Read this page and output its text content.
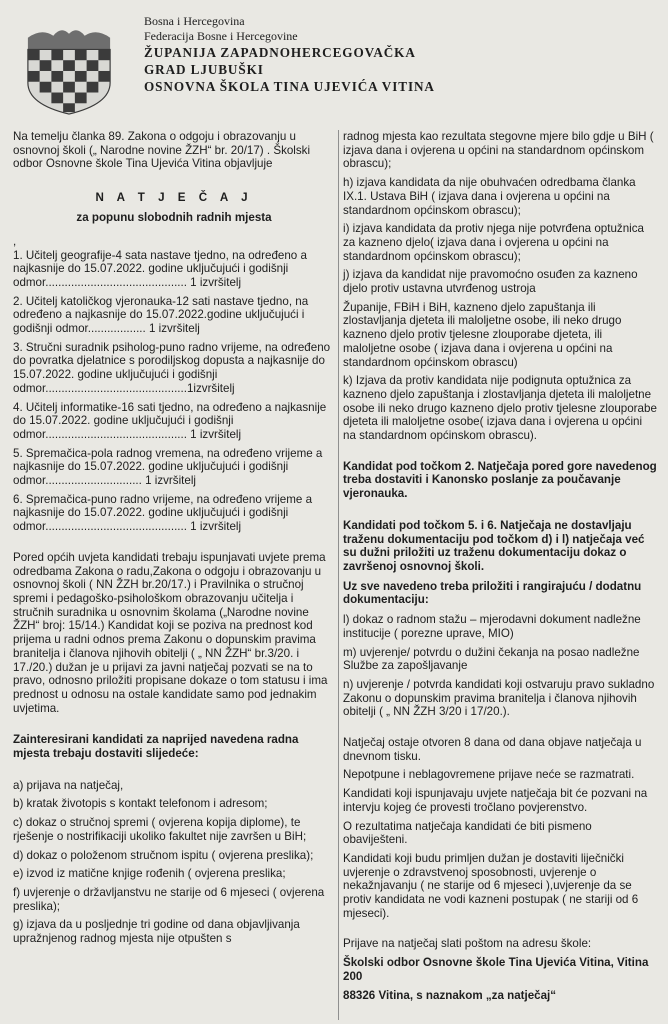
Bosna i Hercegovina
Federacija Bosne i Hercegovine
ŽUPANIJA ZAPADNOHERCEGOVAČKA
GRAD LJUBUŠKI
OSNOVNA ŠKOLA TINA UJEVIĆA VITINA

Na temelju članka 89. Zakona o odgoju i obrazovanju u osnovnoj školi („ Narodne novine ŽZH“ br. 20/17) . Školski odbor Osnovne škole Tina Ujevića Vitina objavljuje

N A T J E Č A J
za popunu slobodnih radnih mjesta
,

1. Učitelj geografije-4 sata nastave tjedno, na određeno a najkasnije do 15.07.2022. godine uključujući i godišnji odmor............................................ 1 izvršitelj

2. Učitelj katoličkog vjeronauka-12 sati nastave tjedno, na određeno a najkasnije do 15.07.2022.godine uključujući i godišnji odmor.................. 1 izvršitelj

3. Stručni suradnik psiholog-puno radno vrijeme, na određeno do povratka djelatnice s porodiljskog dopusta a najkasnije do 15.07.2022. godine uključujući i godišnji odmor............................................1izvršitelj

4. Učitelj informatike-16 sati tjedno, na određeno a najkasnije do 15.07.2022. godine uključujući i godišnji odmor............................................ 1 izvršitelj

5. Spremačica-pola radnog vremena, na određeno vrijeme a najkasnije do 15.07.2022. godine uključujući i godišnji odmor.............................. 1 izvršitelj

6. Spremačica-puno radno vrijeme, na određeno vrijeme a najkasnije do 15.07.2022. godine uključujući i godišnji odmor............................................ 1 izvršitelj

Pored općih uvjeta kandidati trebaju ispunjavati uvjete prema odredbama Zakona o radu,Zakona o odgoju i obrazovanju u osnovnoj školi ( NN ŽZH br.20/17.) i Pravilnika o stručnoj spremi i pedagoško-psihološkom obrazovanju učitelja i stručnih suradnika u osnovnim školama („Narodne novine ŽZH“ broj: 15/14.) Kandidat koji se poziva na prednost kod prijema u radni odnos prema Zakonu o dopunskim pravima branitelja i članova njihovih obitelji ( „ NN ŽZH“ br.3/20. i 17./20.) dužan je u prijavi za javni natječaj pozvati se na to pravo, odnosno priložiti propisane dokaze o tom statusu i ima prednost u odnosu na ostale kandidate samo pod jednakim uvjetima.

Zainteresirani kandidati za naprijed navedena radna mjesta trebaju dostaviti slijedeće:

a) prijava na natječaj,

b) kratak životopis s kontakt telefonom i adresom;

c) dokaz o stručnoj spremi ( ovjerena kopija diplome), te rješenje o nostrifikaciji ukoliko fakultet nije završen u BiH;

d) dokaz o položenom stručnom ispitu ( ovjerena preslika);

e) izvod iz matične knjige rođenih ( ovjerena preslika;

f) uvjerenje o državljanstvu ne starije od 6 mjeseci ( ovjerena preslika);

g) izjava da u posljednje tri godine od dana objavljivanja upražnjenog radnog mjesta nije otpušten s

radnog mjesta kao rezultata stegovne mjere bilo gdje u BiH ( izjava dana i ovjerena u općini na standardnom općinskom obrascu);

h) izjava kandidata da nije obuhvaćen odredbama članka IX.1. Ustava BiH ( izjava dana i ovjerena u općini na standardnom općinskom obrascu);

i) izjava kandidata da protiv njega nije potvrđena optužnica za kazneno djelo( izjava dana i ovjerena u općini na standardnom općinskom obrascu);

j) izjava da kandidat nije pravomoćno osuđen za kazneno djelo protiv ustavna utvrđenog ustroja

Županije, FBiH i BiH, kazneno djelo zapuštanja ili zlostavljanja djeteta ili maloljetne osobe, ili neko drugo kazneno djelo protiv tjelesne zlouporabe djeteta, ili maloljetne osobe ( izjava dana i ovjerena u općini na standardnom općinskom obrascu)

k) Izjava da protiv kandidata nije podignuta optužnica za kazneno djelo zapuštanja i zlostavljanja djeteta ili maloljetne osobe ili neko drugo kazneno djelo protiv tjelesne zlouporabe djeteta ili maloljetne osobe( izjava dana i ovjerena u općini na standardnom općinskom obrascu).

Kandidat pod točkom 2. Natječaja pored gore navedenog treba dostaviti i Kanonsko poslanje za poučavanje vjeronauka.

Kandidati pod točkom 5. i 6. Natječaja ne dostavljaju traženu dokumentaciju pod točkom d) i l) natječaja već su dužni priložiti uz traženu dokumentaciju dokaz o završenoj osnovnoj školi.

Uz sve navedeno treba priložiti i rangirajuću / dodatnu dokumentaciju:

l) dokaz o radnom stažu – mjerodavni dokument nadležne institucije ( porezne uprave, MIO)

m) uvjerenje/ potvrdu o dužini čekanja na posao nadležne Službe za zapošljavanje

n) uvjerenje / potvrda kandidati koji ostvaruju pravo sukladno Zakonu o dopunskim pravima branitelja i članova njihovih obitelji ( „ NN ŽZH 3/20 i 17/20.).

Natječaj ostaje otvoren 8 dana od dana objave natječaja u dnevnom tisku.

Nepotpune i neblagovremene prijave neće se razmatrati.

Kandidati koji ispunjavaju uvjete natječaja bit će pozvani na intervju kojeg će provesti tročlano povjerenstvo.

O rezultatima natječaja kandidati će biti pismeno obaviješteni.

Kandidati koji budu primljen dužan je dostaviti liječnički uvjerenje o zdravstvenoj sposobnosti, uvjerenje o nekažnjavanju ( ne starije od 6 mjeseci ),uvjerenje da se protiv kandidata ne vodi kazneni postupak ( ne stariji od 6 mjeseci).

Prijave na natječaj slati poštom na adresu škole:

Školski odbor Osnovne škole Tina Ujevića Vitina, Vitina 200

88326 Vitina, s naznakom „za natječaj“
